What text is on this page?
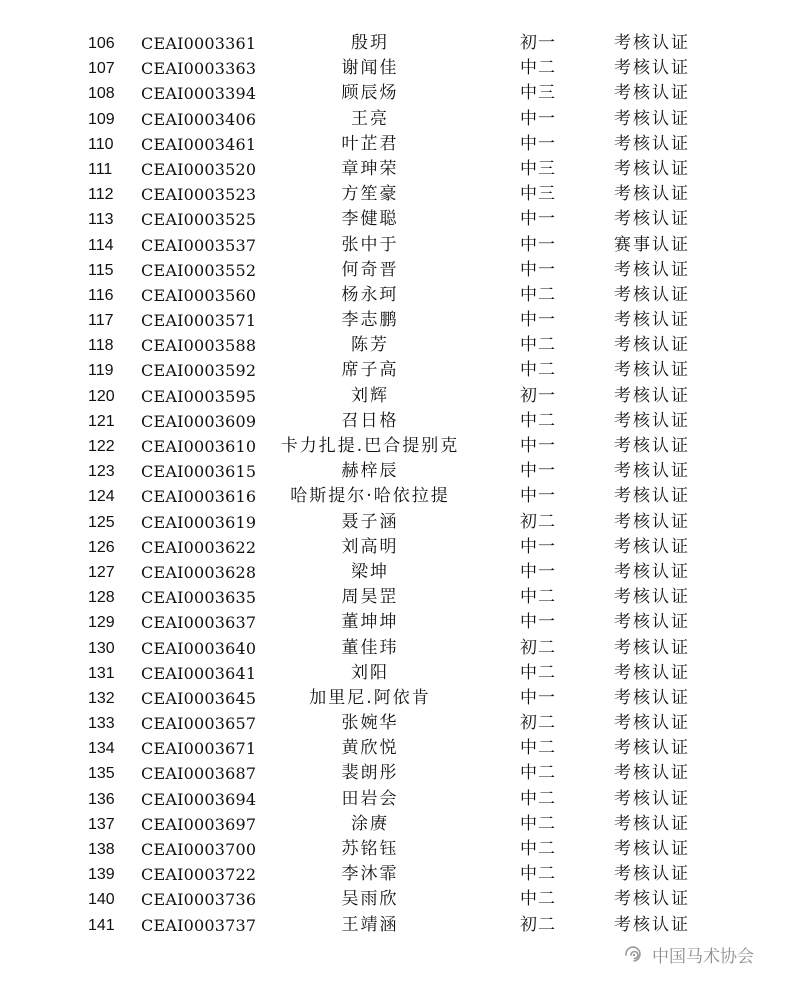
106 CEAI0003361	殷玥	初一	考核认证
107 CEAI0003363	谢闻佳	中二	考核认证
108 CEAI0003394	顾辰炀	中三	考核认证
109 CEAI0003406	王亮	中一	考核认证
110 CEAI0003461	叶芷君	中一	考核认证
111 CEAI0003520	章珅荣	中三	考核认证
112 CEAI0003523	方笙豪	中三	考核认证
113 CEAI0003525	李健聪	中一	考核认证
114 CEAI0003537	张中于	中一	赛事认证
115 CEAI0003552	何奇晋	中一	考核认证
116 CEAI0003560	杨永珂	中二	考核认证
117 CEAI0003571	李志鹏	中一	考核认证
118 CEAI0003588	陈芳	中二	考核认证
119 CEAI0003592	席子高	中二	考核认证
120 CEAI0003595	刘辉	初一	考核认证
121 CEAI0003609	召日格	中二	考核认证
122 CEAI0003610	卡力扎提.巴合提别克	中一	考核认证
123 CEAI0003615	赫梓辰	中一	考核认证
124 CEAI0003616	哈斯提尔·哈依拉提	中一	考核认证
125 CEAI0003619	聂子涵	初二	考核认证
126 CEAI0003622	刘高明	中一	考核认证
127 CEAI0003628	梁坤	中一	考核认证
128 CEAI0003635	周昊罡	中二	考核认证
129 CEAI0003637	董坤坤	中一	考核认证
130 CEAI0003640	董佳玮	初二	考核认证
131 CEAI0003641	刘阳	中二	考核认证
132 CEAI0003645	加里尼.阿依肯	中一	考核认证
133 CEAI0003657	张婉华	初二	考核认证
134 CEAI0003671	黄欣悦	中二	考核认证
135 CEAI0003687	裴朗彤	中二	考核认证
136 CEAI0003694	田岩会	中二	考核认证
137 CEAI0003697	涂赓	中二	考核认证
138 CEAI0003700	苏铭钰	中二	考核认证
139 CEAI0003722	李沐霏	中二	考核认证
140 CEAI0003736	吴雨欣	中二	考核认证
141 CEAI0003737	王靖涵	初二	考核认证
中国马术协会
